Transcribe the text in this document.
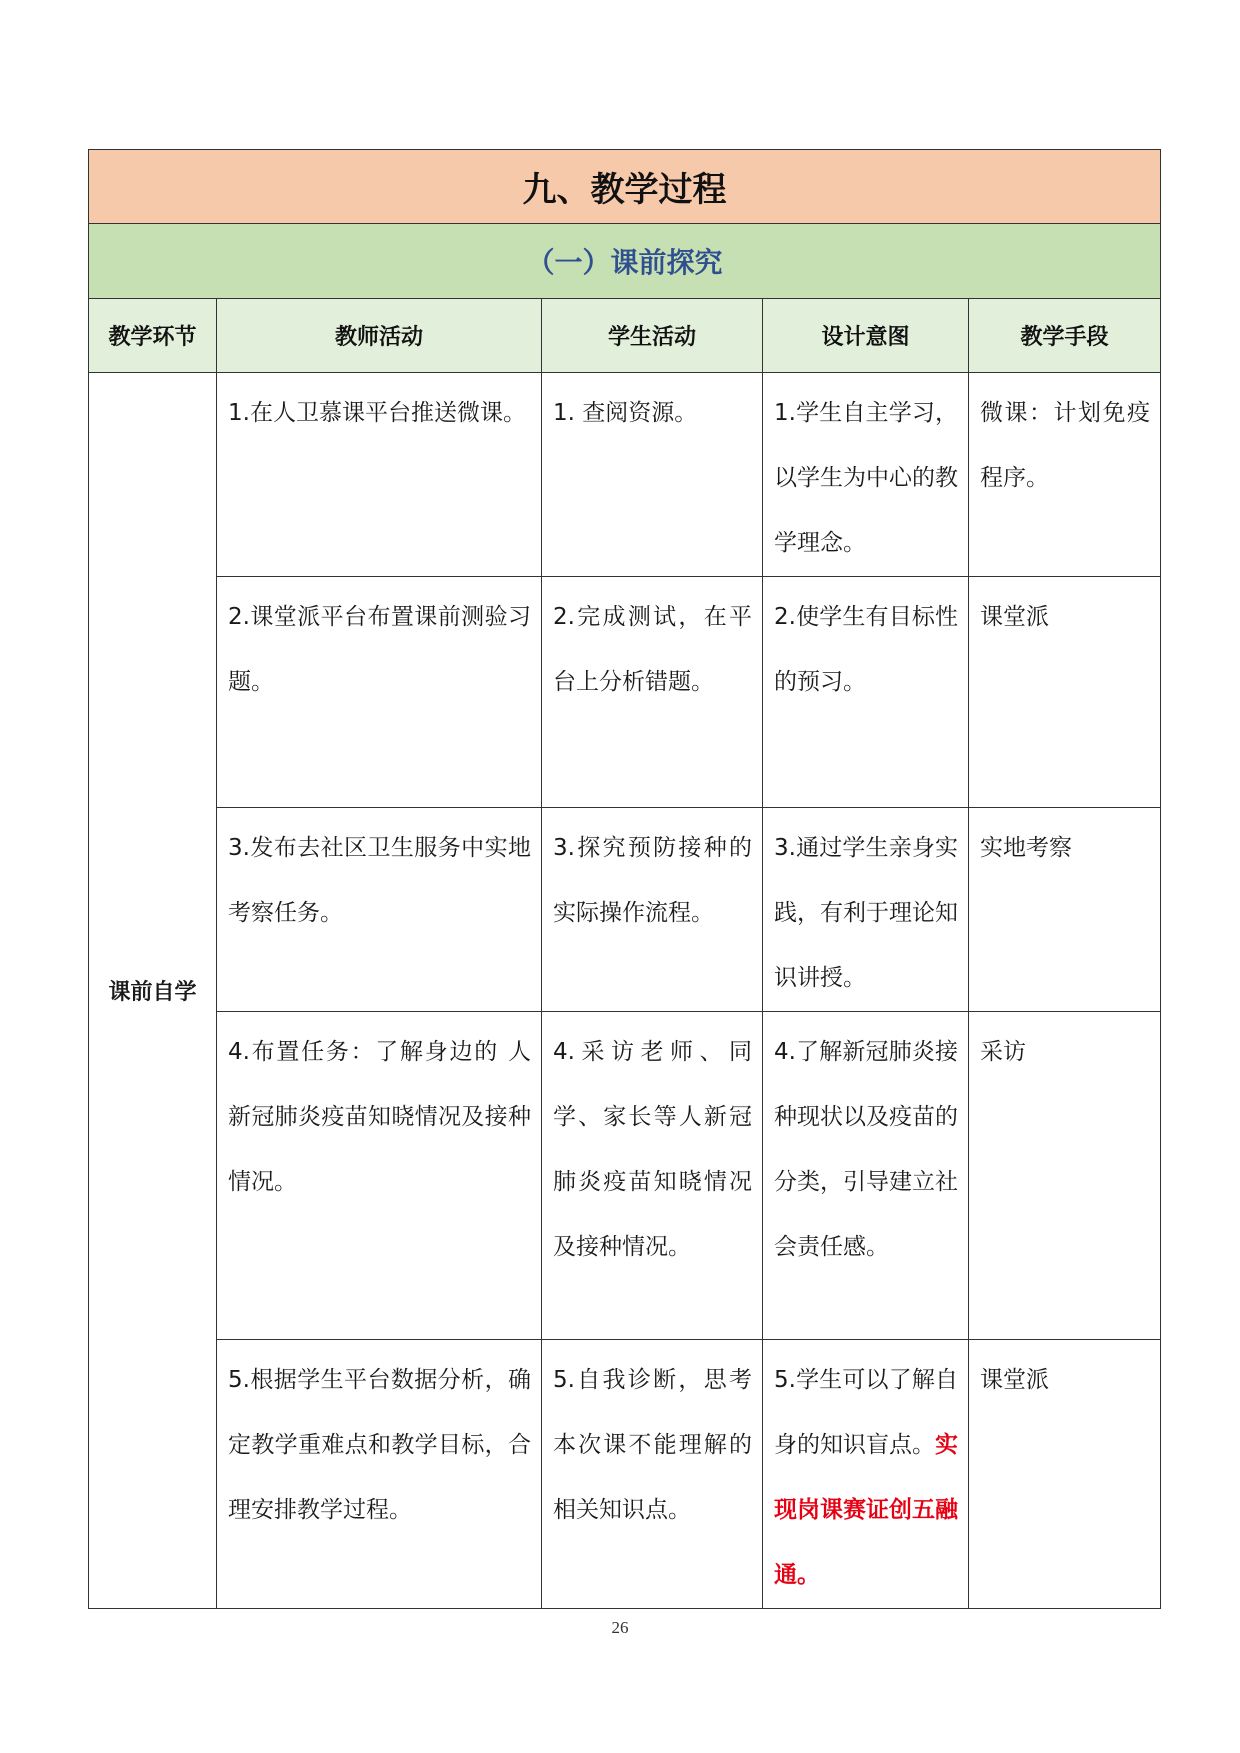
九、教学过程				
（一）课前探究				
教学环节	教师活动	学生活动	设计意图	教学手段
课前自学	1.在人卫慕课平台推送微课。	1. 查阅资源。	1.学生自主学习，以学生为中心的教学理念。	微课：计划免疫程序。
	2.课堂派平台布置课前测验习题。	2.完成测试，在平台上分析错题。	2.使学生有目标性的预习。	课堂派
	3.发布去社区卫生服务中实地考察任务。	3.探究预防接种的实际操作流程。	3.通过学生亲身实践，有利于理论知识讲授。	实地考察
	4.布置任务：了解身边的 人新冠肺炎疫苗知晓情况及接种情况。	4.采访老师、同学、家长等人新冠肺炎疫苗知晓情况及接种情况。	4.了解新冠肺炎接种现状以及疫苗的分类，引导建立社会责任感。	采访
	5.根据学生平台数据分析，确定教学重难点和教学目标，合理安排教学过程。	5.自我诊断，思考本次课不能理解的相关知识点。	5.学生可以了解自身的知识盲点。实现岗课赛证创五融通。	课堂派
26
